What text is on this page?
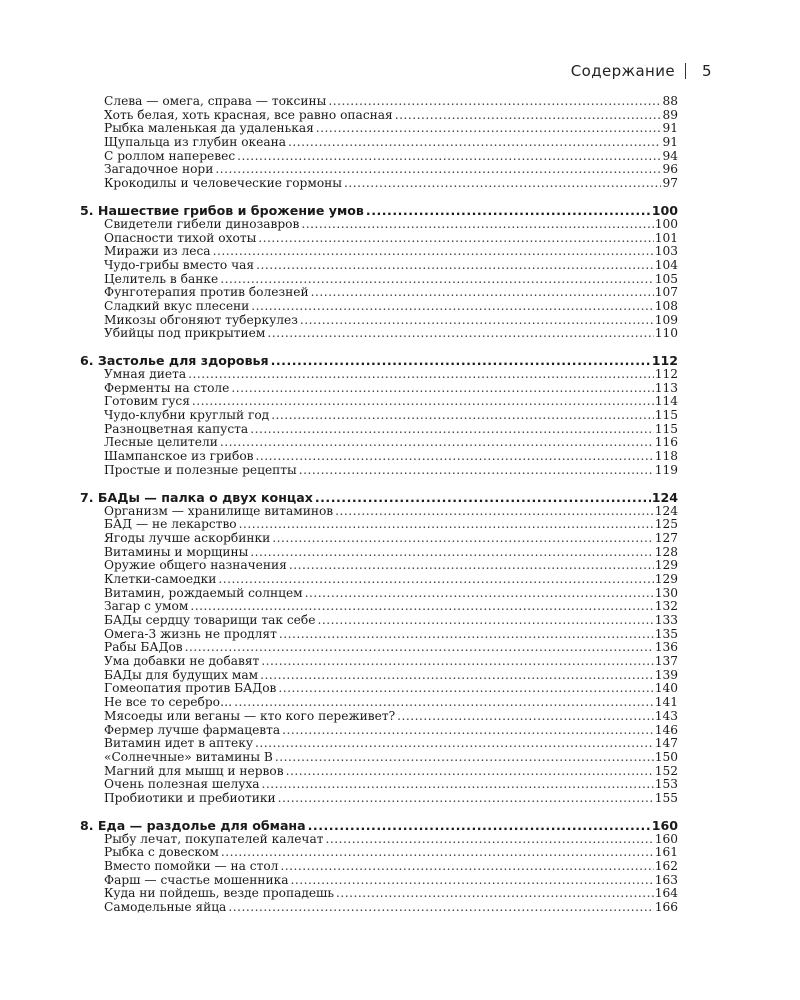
Содержание 5
Слева — омега, справа — токсины .....	88
Хоть белая, хоть красная, все равно опасная .....	89
Рыбка маленькая да удаленькая .....	91
Щупальца из глубин океана .....	91
С роллом наперевес .....	94
Загадочное нори .....	96
Крокодилы и человеческие гормоны .....	97
5. Нашествие грибов и брожение умов .....	100
Свидетели гибели динозавров .....	100
Опасности тихой охоты .....	101
Миражи из леса .....	103
Чудо-грибы вместо чая .....	104
Целитель в банке .....	105
Фунготерапия против болезней .....	107
Сладкий вкус плесени .....	108
Микозы обгоняют туберкулез .....	109
Убийцы под прикрытием .....	110
6. Застолье для здоровья .....	112
Умная диета .....	112
Ферменты на столе .....	113
Готовим гуся .....	114
Чудо-клубни круглый год .....	115
Разноцветная капуста .....	115
Лесные целители .....	116
Шампанское из грибов .....	118
Простые и полезные рецепты .....	119
7. БАДы — палка о двух концах .....	124
Организм — хранилище витаминов .....	124
БАД — не лекарство .....	125
Ягоды лучше аскорбинки .....	127
Витамины и морщины .....	128
Оружие общего назначения .....	129
Клетки-самоедки .....	129
Витамин, рождаемый солнцем .....	130
Загар с умом .....	132
БАДы сердцу товарищи так себе .....	133
Омега-3 жизнь не продлят .....	135
Рабы БАДов .....	136
Ума добавки не добавят .....	137
БАДы для будущих мам .....	139
Гомеопатия против БАДов .....	140
Не все то серебро… .....	141
Мясоеды или веганы — кто кого переживет? .....	143
Фермер лучше фармацевта .....	146
Витамин идет в аптеку .....	147
«Солнечные» витамины В .....	150
Магний для мышц и нервов .....	152
Очень полезная шелуха .....	153
Пробиотики и пребиотики .....	155
8. Еда — раздолье для обмана .....	160
Рыбу лечат, покупателей калечат .....	160
Рыбка с довеском .....	161
Вместо помойки — на стол .....	162
Фарш — счастье мошенника .....	163
Куда ни пойдешь, везде пропадешь .....	164
Самодельные яйца .....	166
